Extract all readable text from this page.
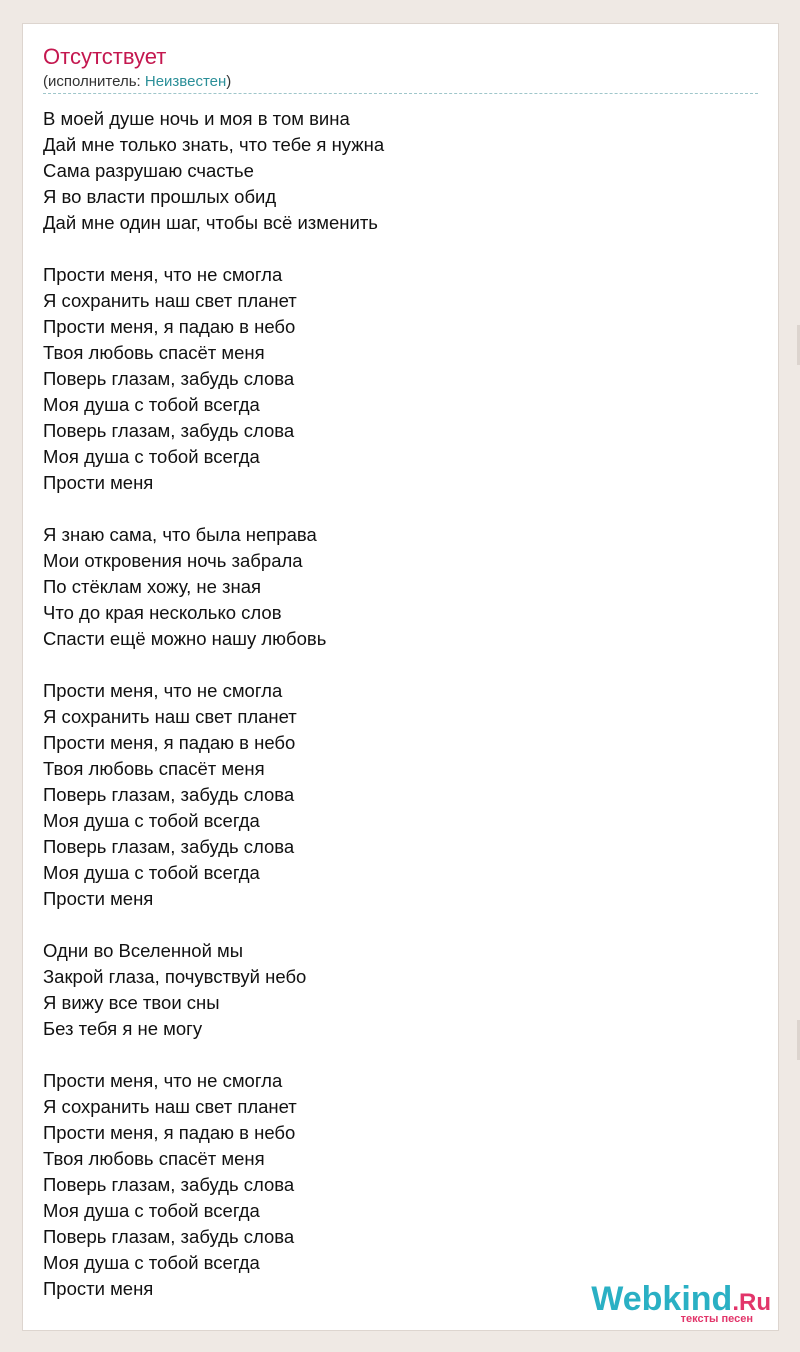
Отсутствует
(исполнитель: Неизвестен)
В моей душе ночь и моя в том вина
Дай мне только знать, что тебе я нужна
Сама разрушаю счастье
Я во власти прошлых обид
Дай мне один шаг, чтобы всё изменить
Прости меня, что не смогла
Я сохранить наш свет планет
Прости меня, я падаю в небо
Твоя любовь спасёт меня
Поверь глазам, забудь слова
Моя душа с тобой всегда
Поверь глазам, забудь слова
Моя душа с тобой всегда
Прости меня
Я знаю сама, что была неправа
Мои откровения ночь забрала
По стёклам хожу, не зная
Что до края несколько слов
Спасти ещё можно нашу любовь
Прости меня, что не смогла
Я сохранить наш свет планет
Прости меня, я падаю в небо
Твоя любовь спасёт меня
Поверь глазам, забудь слова
Моя душа с тобой всегда
Поверь глазам, забудь слова
Моя душа с тобой всегда
Прости меня
Одни во Вселенной мы
Закрой глаза, почувствуй небо
Я вижу все твои сны
Без тебя я не могу
Прости меня, что не смогла
Я сохранить наш свет планет
Прости меня, я падаю в небо
Твоя любовь спасёт меня
Поверь глазам, забудь слова
Моя душа с тобой всегда
Поверь глазам, забудь слова
Моя душа с тобой всегда
Прости меня	Webkind.Ru
тексты песен
